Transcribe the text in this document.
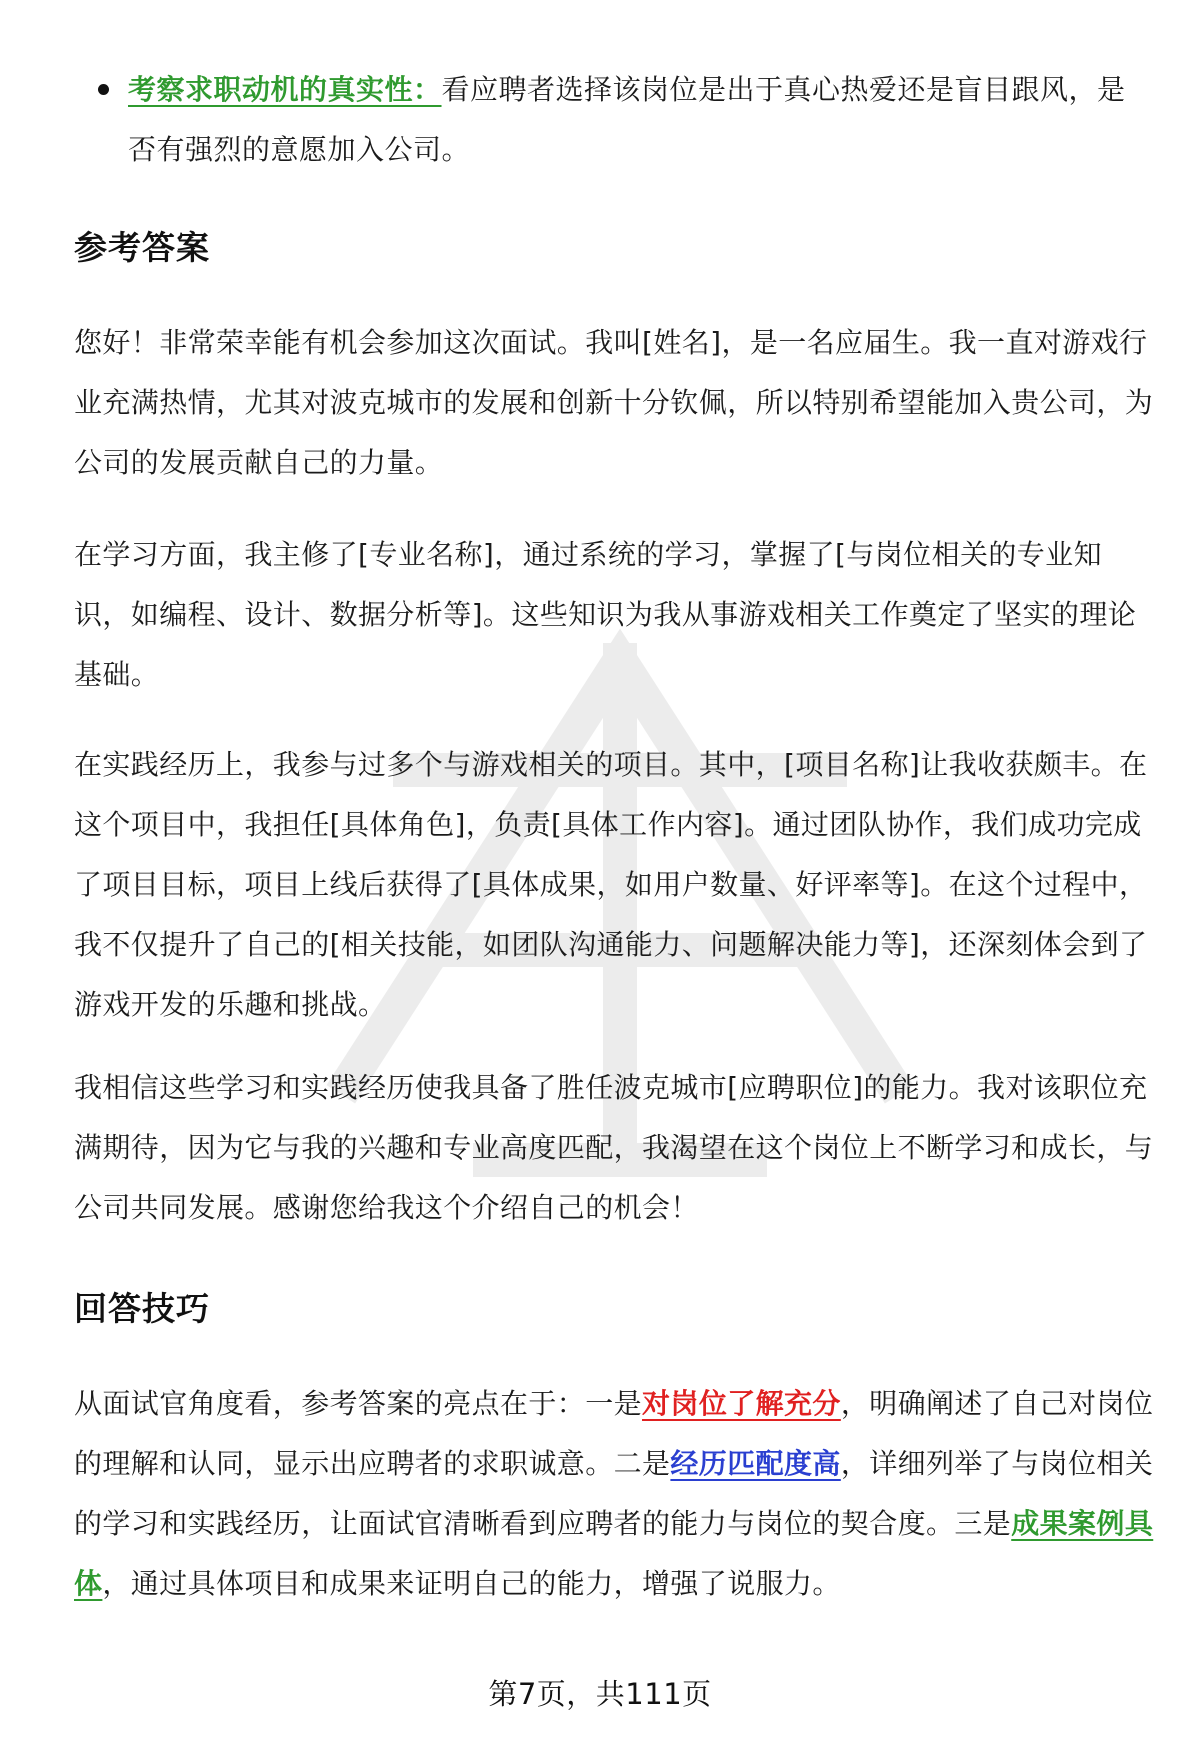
考察求职动机的真实性：看应聘者选择该岗位是出于真心热爱还是盲目跟风，是否有强烈的意愿加入公司。
参考答案

您好！非常荣幸能有机会参加这次面试。我叫[姓名]，是一名应届生。我一直对游戏行业充满热情，尤其对波克城市的发展和创新十分钦佩，所以特别希望能加入贵公司，为公司的发展贡献自己的力量。

在学习方面，我主修了[专业名称]，通过系统的学习，掌握了[与岗位相关的专业知识，如编程、设计、数据分析等]。这些知识为我从事游戏相关工作奠定了坚实的理论基础。

在实践经历上，我参与过多个与游戏相关的项目。其中，[项目名称]让我收获颇丰。在这个项目中，我担任[具体角色]，负责[具体工作内容]。通过团队协作，我们成功完成了项目目标，项目上线后获得了[具体成果，如用户数量、好评率等]。在这个过程中，我不仅提升了自己的[相关技能，如团队沟通能力、问题解决能力等]，还深刻体会到了游戏开发的乐趣和挑战。

我相信这些学习和实践经历使我具备了胜任波克城市[应聘职位]的能力。我对该职位充满期待，因为它与我的兴趣和专业高度匹配，我渴望在这个岗位上不断学习和成长，与公司共同发展。感谢您给我这个介绍自己的机会！

回答技巧

从面试官角度看，参考答案的亮点在于：一是对岗位了解充分，明确阐述了自己对岗位的理解和认同，显示出应聘者的求职诚意。二是经历匹配度高，详细列举了与岗位相关的学习和实践经历，让面试官清晰看到应聘者的能力与岗位的契合度。三是成果案例具体，通过具体项目和成果来证明自己的能力，增强了说服力。

第7页，共111页
